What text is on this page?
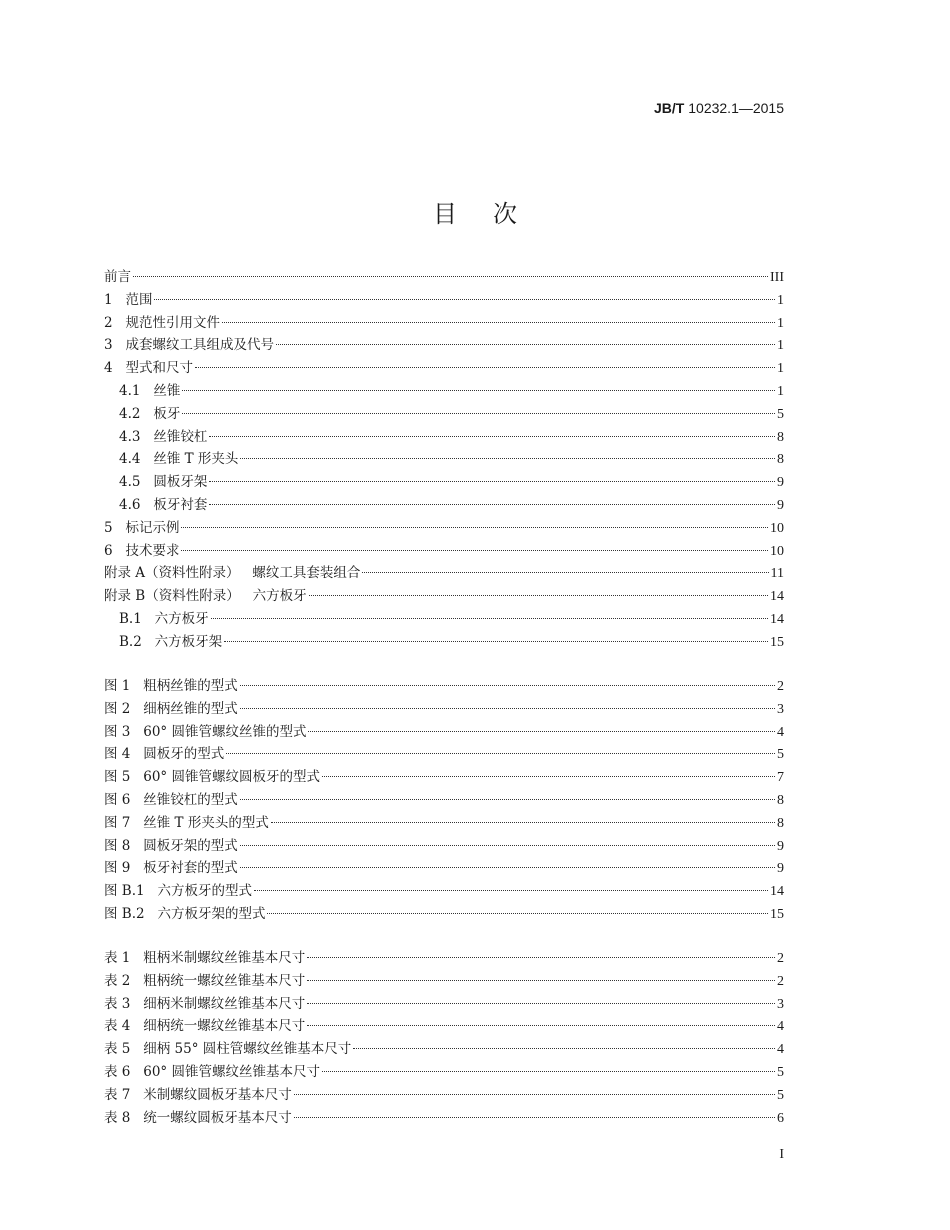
JB/T 10232.1—2015
目次
前言	III
1   范围	1
2   规范性引用文件	1
3   成套螺纹工具组成及代号	1
4   型式和尺寸	1
4.1   丝锥	1
4.2   板牙	5
4.3   丝锥铰杠	8
4.4   丝锥 T 形夹头	8
4.5   圆板牙架	9
4.6   板牙衬套	9
5   标记示例	10
6   技术要求	10
附录 A（资料性附录）   螺纹工具套装组合	11
附录 B（资料性附录）   六方板牙	14
B.1   六方板牙	14
B.2   六方板牙架	15
图 1   粗柄丝锥的型式	2
图 2   细柄丝锥的型式	3
图 3   60° 圆锥管螺纹丝锥的型式	4
图 4   圆板牙的型式	5
图 5   60° 圆锥管螺纹圆板牙的型式	7
图 6   丝锥铰杠的型式	8
图 7   丝锥 T 形夹头的型式	8
图 8   圆板牙架的型式	9
图 9   板牙衬套的型式	9
图 B.1   六方板牙的型式	14
图 B.2   六方板牙架的型式	15
表 1   粗柄米制螺纹丝锥基本尺寸	2
表 2   粗柄统一螺纹丝锥基本尺寸	2
表 3   细柄米制螺纹丝锥基本尺寸	3
表 4   细柄统一螺纹丝锥基本尺寸	4
表 5   细柄 55° 圆柱管螺纹丝锥基本尺寸	4
表 6   60° 圆锥管螺纹丝锥基本尺寸	5
表 7   米制螺纹圆板牙基本尺寸	5
表 8   统一螺纹圆板牙基本尺寸	6
I
